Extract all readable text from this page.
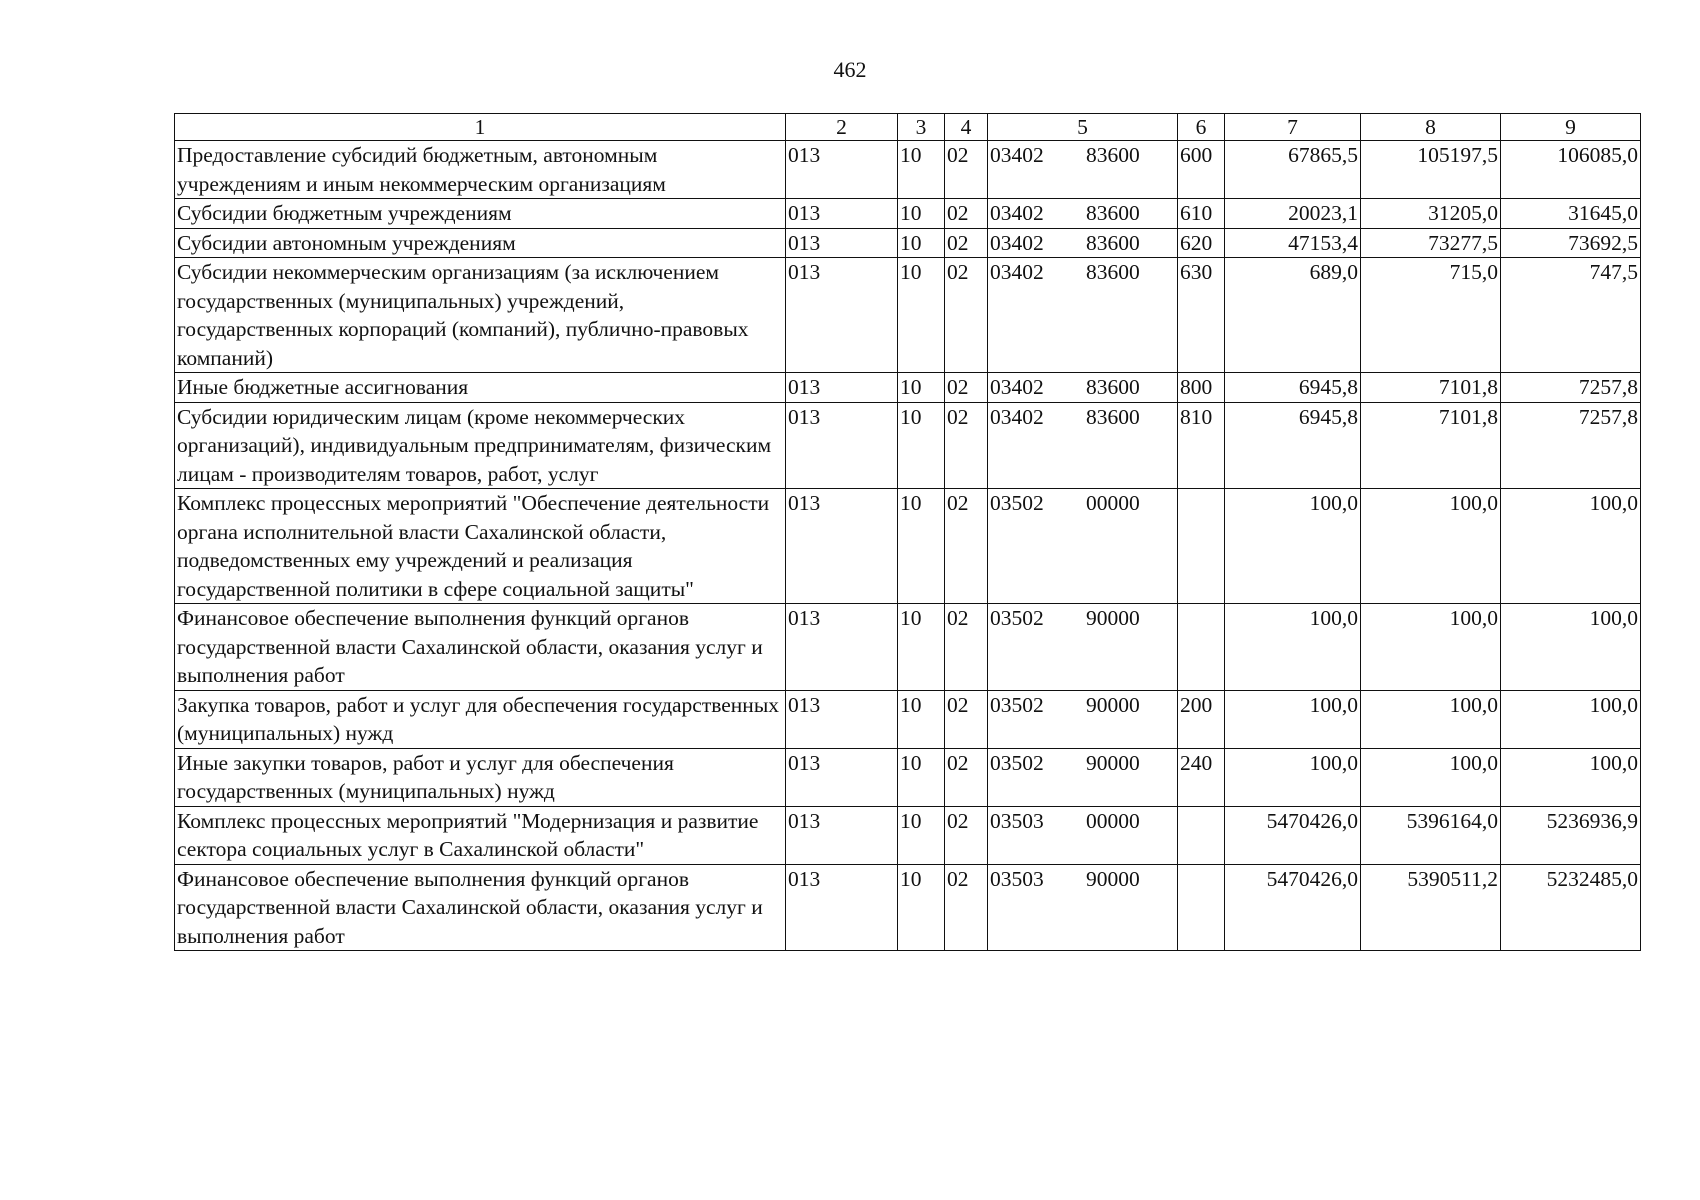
462
1	2	3	4	5	6	7	8	9
Предоставление субсидий бюджетным, автономным учреждениям и иным некоммерческим организациям	013	10	02	03402 83600	600	67865,5	105197,5	106085,0
Субсидии бюджетным учреждениям	013	10	02	03402 83600	610	20023,1	31205,0	31645,0
Субсидии автономным учреждениям	013	10	02	03402 83600	620	47153,4	73277,5	73692,5
Субсидии некоммерческим организациям (за исключением государственных (муниципальных) учреждений, государственных корпораций (компаний), публично-правовых компаний)	013	10	02	03402 83600	630	689,0	715,0	747,5
Иные бюджетные ассигнования	013	10	02	03402 83600	800	6945,8	7101,8	7257,8
Субсидии юридическим лицам (кроме некоммерческих организаций), индивидуальным предпринимателям, физическим лицам - производителям товаров, работ, услуг	013	10	02	03402 83600	810	6945,8	7101,8	7257,8
Комплекс процессных мероприятий "Обеспечение деятельности органа исполнительной власти Сахалинской области, подведомственных ему учреждений и реализация государственной политики в сфере социальной защиты"	013	10	02	03502 00000		100,0	100,0	100,0
Финансовое обеспечение выполнения функций органов государственной власти Сахалинской области, оказания услуг и выполнения работ	013	10	02	03502 90000		100,0	100,0	100,0
Закупка товаров, работ и услуг для обеспечения государственных (муниципальных) нужд	013	10	02	03502 90000	200	100,0	100,0	100,0
Иные закупки товаров, работ и услуг для обеспечения государственных (муниципальных) нужд	013	10	02	03502 90000	240	100,0	100,0	100,0
Комплекс процессных мероприятий "Модернизация и развитие сектора социальных услуг в Сахалинской области"	013	10	02	03503 00000		5470426,0	5396164,0	5236936,9
Финансовое обеспечение выполнения функций органов государственной власти Сахалинской области, оказания услуг и выполнения работ	013	10	02	03503 90000		5470426,0	5390511,2	5232485,0
